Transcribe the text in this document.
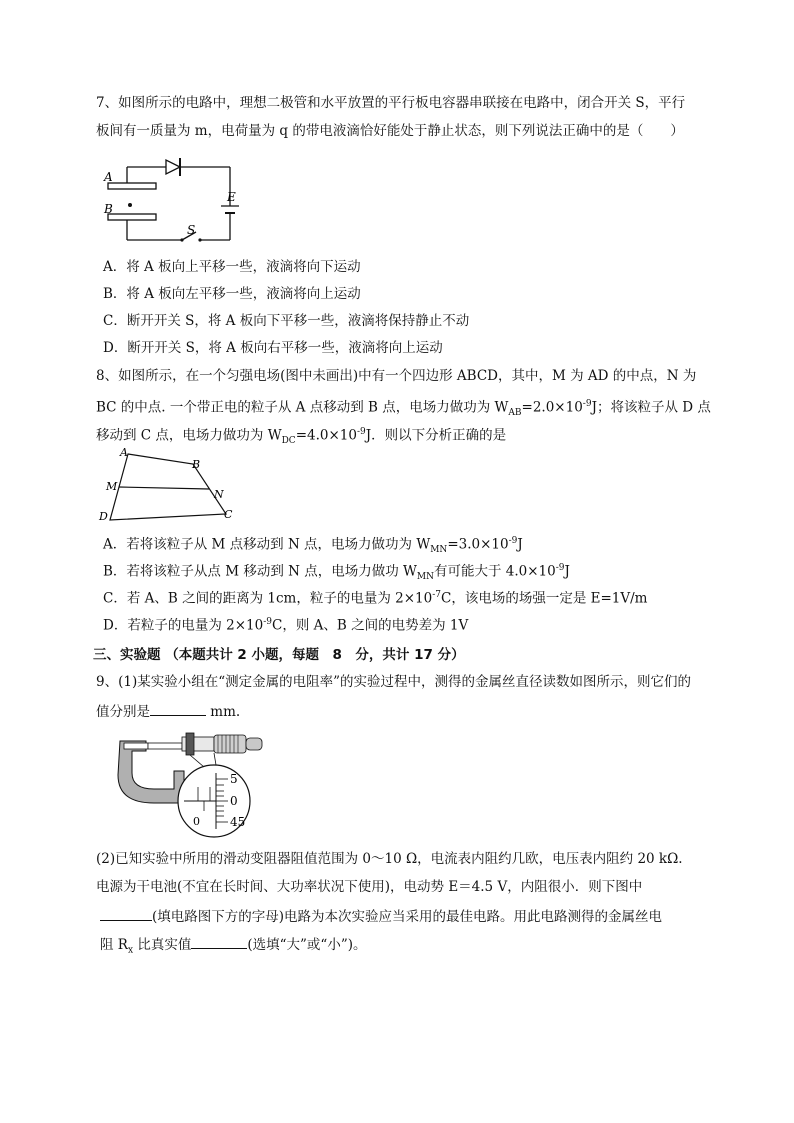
7、如图所示的电路中，理想二极管和水平放置的平行板电容器串联接在电路中，闭合开关 S，平行
板间有一质量为 m，电荷量为 q 的带电液滴恰好能处于静止状态，则下列说法正确中的是（　　）
A
B
E
S
A．将 A 板向上平移一些，液滴将向下运动
B．将 A 板向左平移一些，液滴将向上运动
C．断开开关 S，将 A 板向下平移一些，液滴将保持静止不动
D．断开开关 S，将 A 板向右平移一些，液滴将向上运动
8、如图所示，在一个匀强电场(图中未画出)中有一个四边形 ABCD，其中，M 为 AD 的中点，N 为
BC 的中点. 一个带正电的粒子从 A 点移动到 B 点，电场力做功为 $W_{AB}=2.0\times 10^{-9}J$；将该粒子从 D 点
移动到 C 点，电场力做功为 $W_{DC}=4.0\times 10^{-9}J$．则以下分析正确的是
A
B
C
D
M
N
A．若将该粒子从 M 点移动到 N 点，电场力做功为 $W_{MN}=3.0\times 10^{-9}J$
B．若将该粒子从点 M 移动到 N 点，电场力做功 $W_{MN}$有可能大于 $4.0\times 10^{-9}J$
C．若 A、B 之间的距离为 1cm，粒子的电量为 $2\times 10^{-7}C$，该电场的场强一定是 E=1V/m
D．若粒子的电量为 $2\times 10^{-9}C$，则 A、B 之间的电势差为 1V
三、实验题 （本题共计 2 小题，每题　8　分，共计 17 分）
9、(1)某实验小组在“测定金属的电阻率”的实验过程中，测得的金属丝直径读数如图所示，则它们的
值分别是	mm.
5
0
45
0
(2)已知实验中所用的滑动变阻器阻值范围为 0～10 Ω，电流表内阻约几欧，电压表内阻约 20 kΩ.
电源为干电池(不宜在长时间、大功率状况下使用)，电动势 E＝4.5 V，内阻很小．则下图中
(填电路图下方的字母)电路为本次实验应当采用的最佳电路。用此电路测得的金属丝电
阻 $R_x$ 比真实值	(选填“大”或“小”)。
